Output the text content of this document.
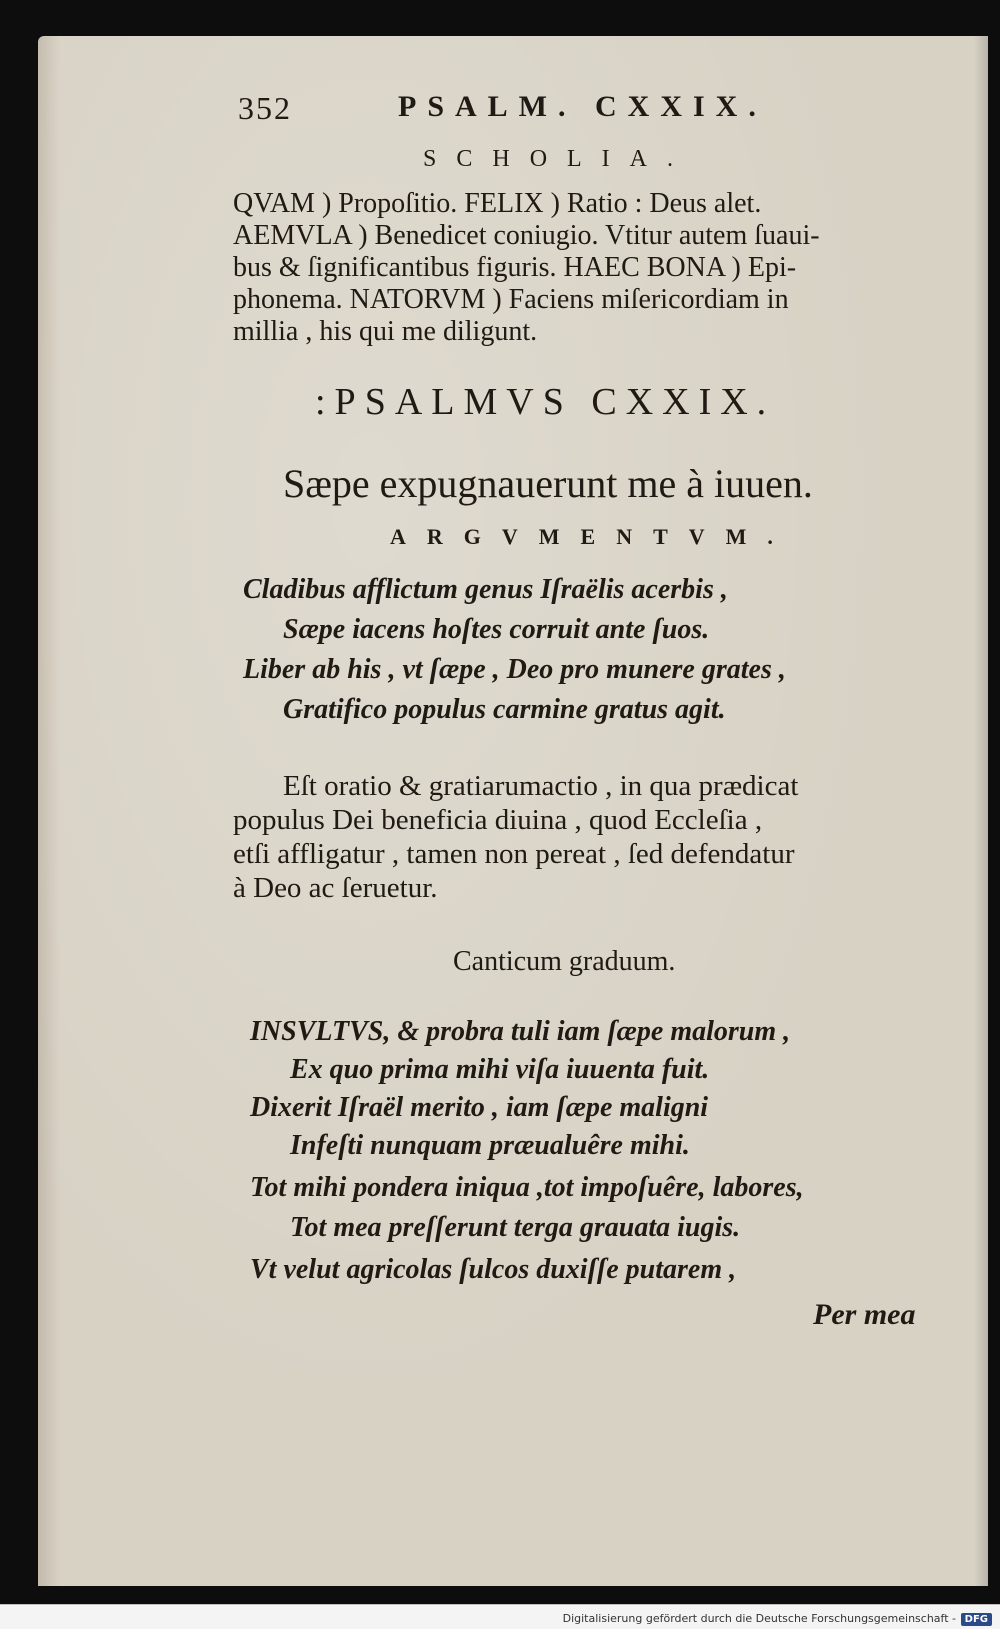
352	PSALM. CXXIX.
SCHOLIA.
QVAM ) Propoſitio. FELIX ) Ratio : Deus alet.
AEMVLA ) Benedicet coniugio. Vtitur autem ſuaui-
bus & ſignificantibus figuris. HAEC BONA ) Epi-
phonema. NATORVM ) Faciens miſericordiam in
millia , his qui me diligunt.
:PSALMVS CXXIX.
Sæpe expugnauerunt me à iuuen.
ARGVMENTVM.
Cladibus afflictum genus Iſraëlis acerbis ,
Sæpe iacens hoſtes corruit ante ſuos.
Liber ab his , vt ſæpe , Deo pro munere grates ,
Gratifico populus carmine gratus agit.
Eſt oratio & gratiarumactio , in qua prædicat
populus Dei beneficia diuina , quod Eccleſia ,
etſi affligatur , tamen non pereat , ſed defendatur
à Deo ac ſeruetur.
Canticum graduum.
INSVLTVS, & probra tuli iam ſæpe malorum ,
Ex quo prima mihi viſa iuuenta fuit.
Dixerit Iſraël merito , iam ſæpe maligni
Infeſti nunquam præualuêre mihi.
Tot mihi pondera iniqua ,tot impoſuêre, labores,
Tot mea preſſerunt terga grauata iugis.
Vt velut agricolas ſulcos duxiſſe putarem ,
Per mea
Digitalisierung gefördert durch die Deutsche Forschungsgemeinschaft - DFG
